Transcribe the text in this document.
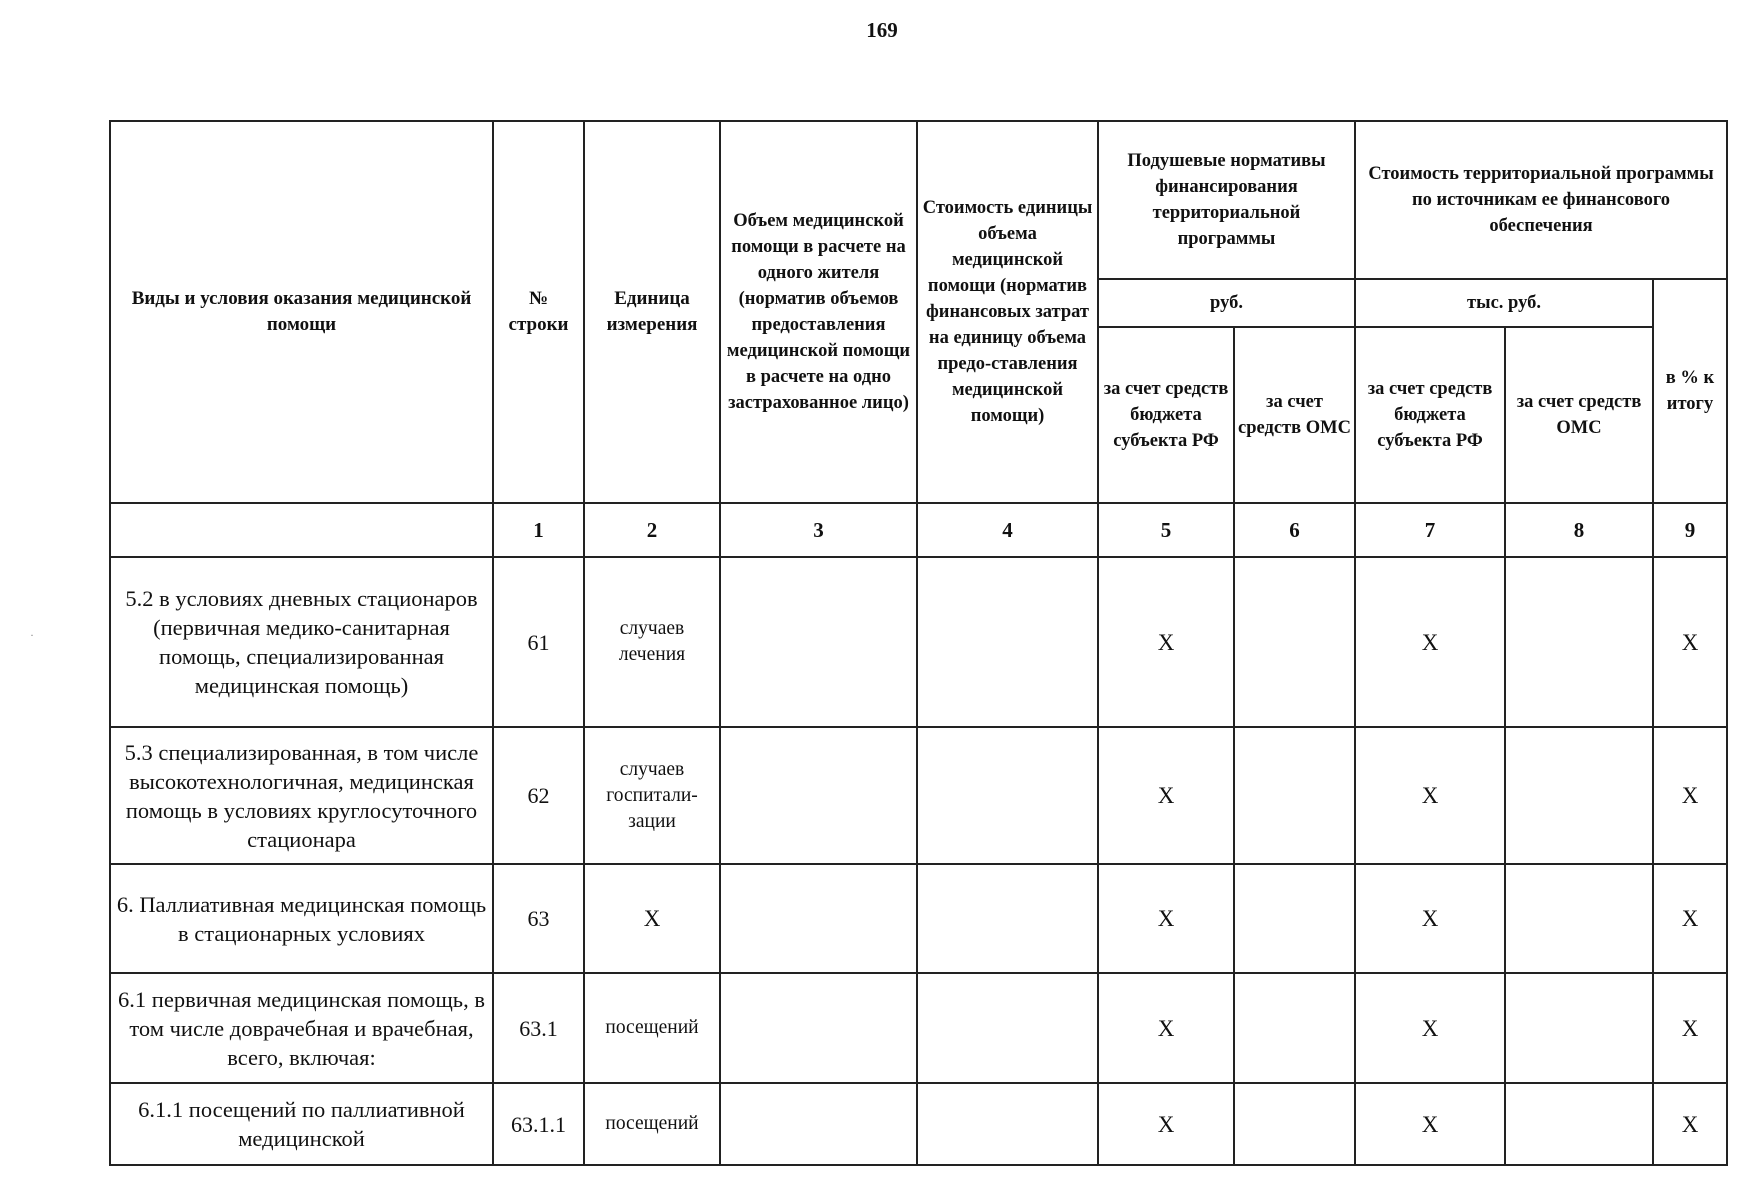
169
·
Виды и условия оказания медицинской помощи	№ строки	Единица измерения	Объем медицинской помощи в расчете на одного жителя (норматив объемов предоставления медицинской помощи в расчете на одно застрахованное лицо)	Стоимость единицы объема медицинской помощи (норматив финансовых затрат на единицу объема предо-ставления медицинской помощи)	Подушевые нормативы финансирования территориальной программы		Стоимость территориальной программы по источникам ее финансового обеспечения		
					руб.		тыс. руб.		в % к итогу
					за счет средств бюджета субъекта РФ	за счет средств ОМС	за счет средств бюджета субъекта РФ	за счет средств ОМС	
	1	2	3	4	5	6	7	8	9
5.2 в условиях дневных стационаров (первичная медико-санитарная помощь, специализированная медицинская помощь)	61	случаев лечения			X		X		X
5.3 специализированная, в том числе высокотехнологичная, медицинская помощь в условиях круглосуточного стационара	62	случаев госпитали-зации			X		X		X
6. Паллиативная медицинская помощь в стационарных условиях	63	X			X		X		X
6.1 первичная медицинская помощь, в том числе доврачебная и врачебная, всего, включая:	63.1	посещений			X		X		X
6.1.1 посещений по паллиативной медицинской	63.1.1	посещений			X		X		X
